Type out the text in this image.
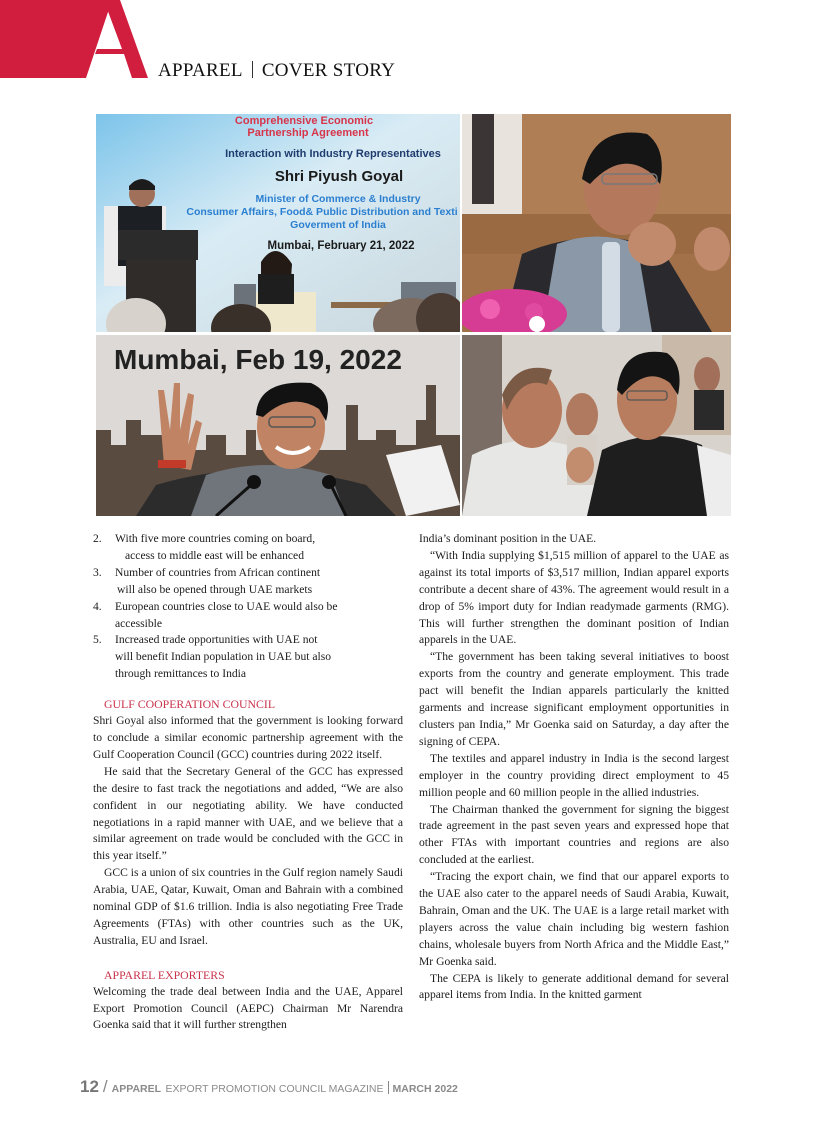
APPAREL COVER STORY
Comprehensive Economic
Partnership Agreement
Interaction with Industry Representatives
Shri Piyush Goyal
Minister of Commerce & Industry
Consumer Affairs, Food& Public Distribution and Texti
Goverment of India
Mumbai, February 21, 2022
Mumbai, Feb 19, 2022
2. With five more countries coming on board,
access to middle east will be enhanced
3. Number of countries from African continent
will also be opened through UAE markets
4. European countries close to UAE would also be
accessible
5. Increased trade opportunities with UAE not
will benefit Indian population in UAE but also
through remittances to India

GULF COOPERATION COUNCIL

Shri Goyal also informed that the government is looking forward to conclude a similar economic partnership agreement with the Gulf Cooperation Council (GCC) countries during 2022 itself.

He said that the Secretary General of the GCC has expressed the desire to fast track the negotiations and added, “We are also confident in our negotiating ability. We have conducted negotiations in a rapid manner with UAE, and we believe that a similar agreement on trade would be concluded with the GCC in this year itself.”

GCC is a union of six countries in the Gulf region namely Saudi Arabia, UAE, Qatar, Kuwait, Oman and Bahrain with a combined nominal GDP of $1.6 trillion. India is also negotiating Free Trade Agreements (FTAs) with other countries such as the UK, Australia, EU and Israel.

APPAREL EXPORTERS

Welcoming the trade deal between India and the UAE, Apparel Export Promotion Council (AEPC) Chairman Mr Narendra Goenka said that it will further strengthen

India’s dominant position in the UAE.

“With India supplying $1,515 million of apparel to the UAE as against its total imports of $3,517 million, Indian apparel exports contribute a decent share of 43%. The agreement would result in a drop of 5% import duty for Indian readymade garments (RMG). This will further strengthen the dominant position of Indian apparels in the UAE.

“The government has been taking several initiatives to boost exports from the country and generate employment. This trade pact will benefit the Indian apparels particularly the knitted garments and increase significant employment opportunities in clusters pan India,” Mr Goenka said on Saturday, a day after the signing of CEPA.

The textiles and apparel industry in India is the second largest employer in the country providing direct employment to 45 million people and 60 million people in the allied industries.

The Chairman thanked the government for signing the biggest trade agreement in the past seven years and expressed hope that other FTAs with important countries and regions are also concluded at the earliest.

“Tracing the export chain, we find that our apparel exports to the UAE also cater to the apparel needs of Saudi Arabia, Kuwait, Bahrain, Oman and the UK. The UAE is a large retail market with players across the value chain including big western fashion chains, wholesale buyers from North Africa and the Middle East,” Mr Goenka said.

The CEPA is likely to generate additional demand for several apparel items from India. In the knitted garment

12 / APPAREL EXPORT PROMOTION COUNCIL MAGAZINE MARCH 2022
